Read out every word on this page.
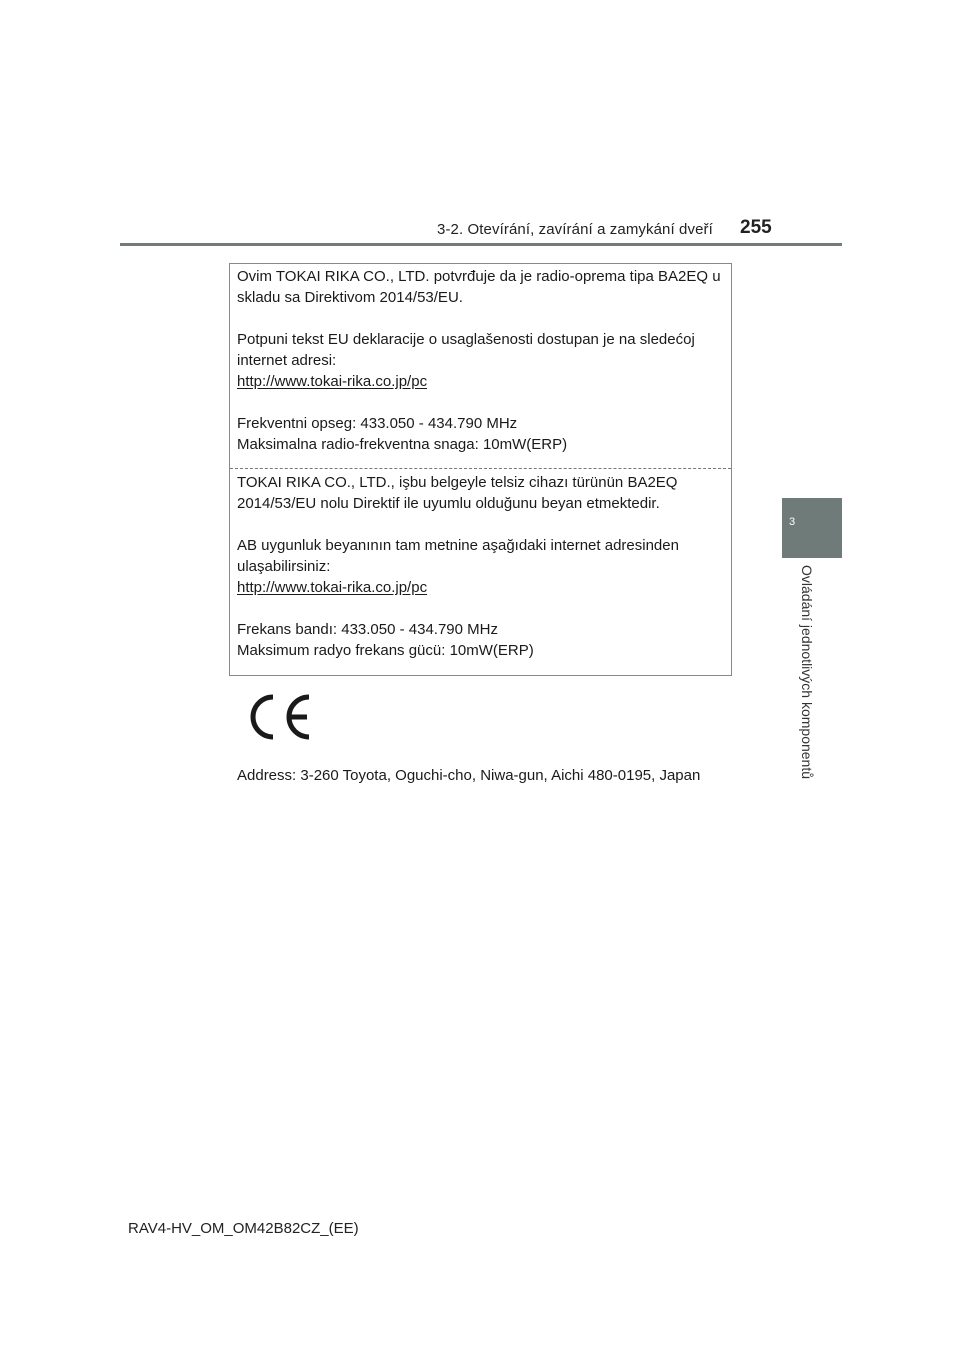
3-2. Otevírání, zavírání a zamykání dveří 255
3
Ovládání jednotlivých komponentů

Ovim TOKAI RIKA CO., LTD. potvrđuje da je radio-oprema tipa BA2EQ u skladu sa Direktivom 2014/53/EU.

Potpuni tekst EU deklaracije o usaglašenosti dostupan je na sledećoj internet adresi:
http://www.tokai-rika.co.jp/pc

Frekventni opseg: 433.050 - 434.790 MHz
Maksimalna radio-frekventna snaga: 10mW(ERP)

TOKAI RIKA CO., LTD., işbu belgeyle telsiz cihazı türünün BA2EQ 2014/53/EU nolu Direktif ile uyumlu olduğunu beyan etmektedir.

AB uygunluk beyanının tam metnine aşağıdaki internet adresinden ulaşabilirsiniz:
http://www.tokai-rika.co.jp/pc

Frekans bandı: 433.050 - 434.790 MHz
Maksimum radyo frekans gücü: 10mW(ERP)

Address: 3-260 Toyota, Oguchi-cho, Niwa-gun, Aichi 480-0195, Japan
RAV4-HV_OM_OM42B82CZ_(EE)
